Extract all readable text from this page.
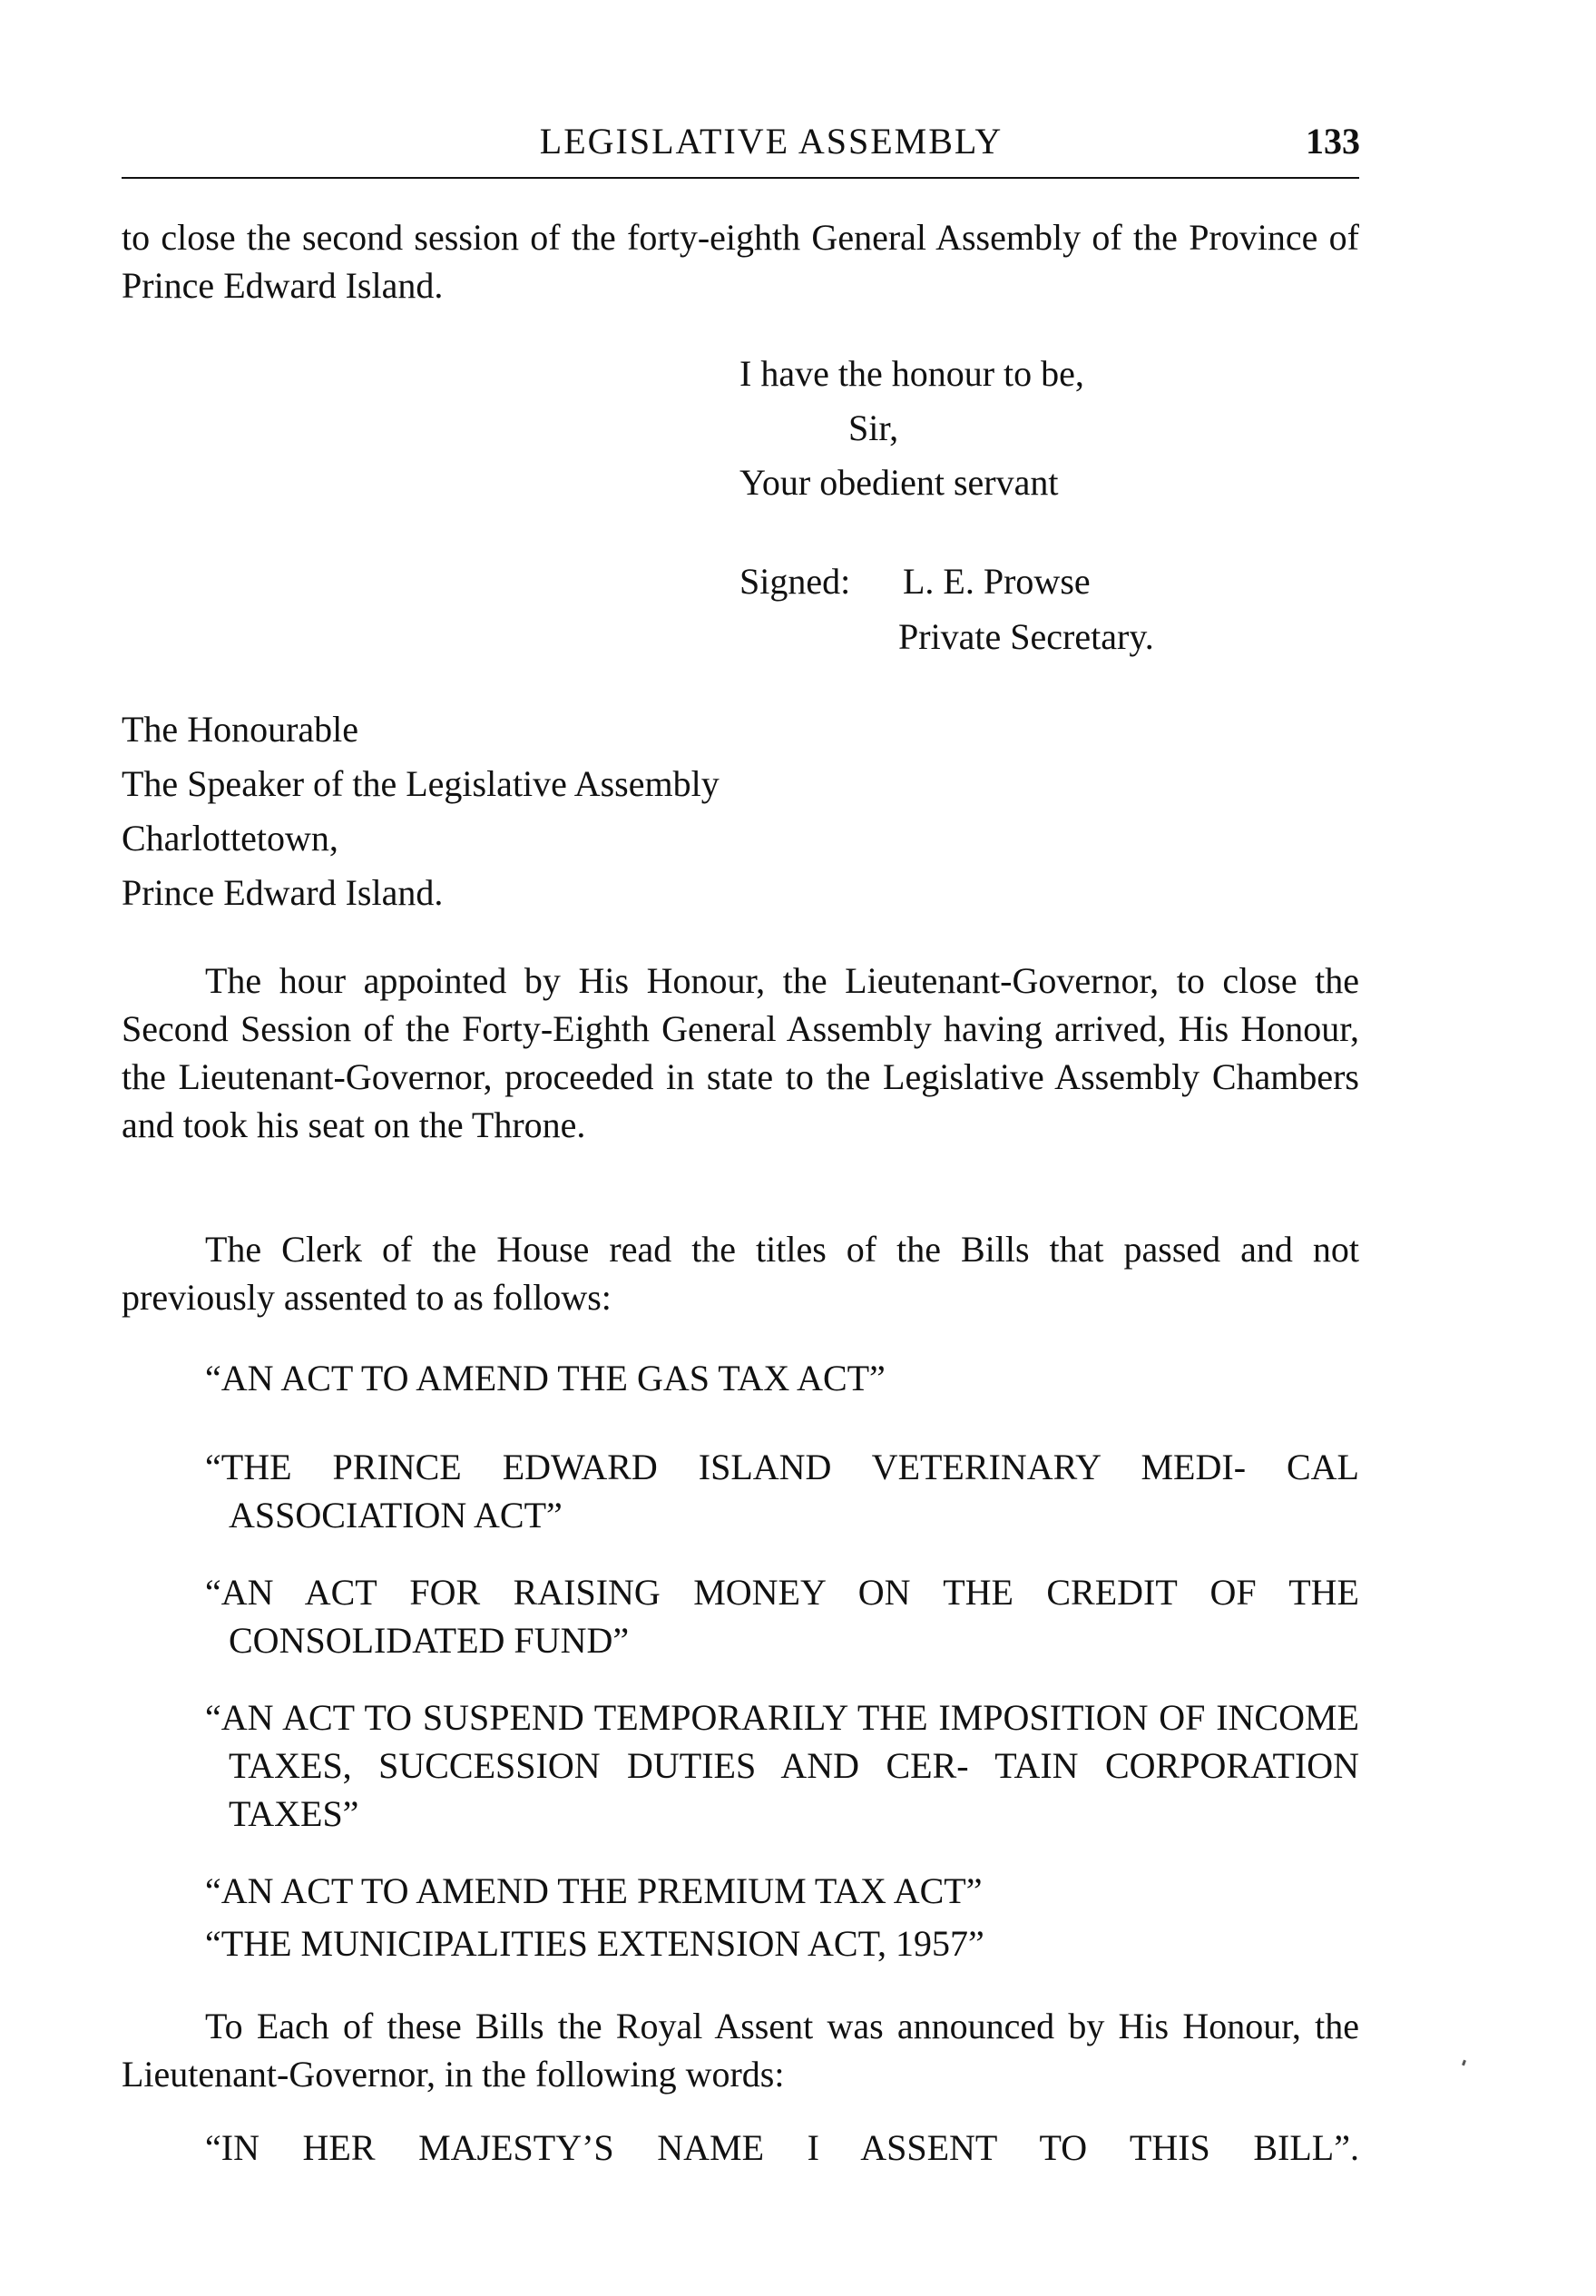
LEGISLATIVE ASSEMBLY	133

to close the second session of the forty-eighth General Assembly of the Province of Prince Edward Island.

I have the honour to be,
Sir,
Your obedient servant
Signed: L. E. Prowse
Private Secretary.
The Honourable
The Speaker of the Legislative Assembly
Charlottetown,
Prince Edward Island.

The hour appointed by His Honour, the Lieutenant-Governor, to close the Second Session of the Forty-Eighth General Assembly having arrived, His Honour, the Lieutenant-Governor, proceeded in state to the Legislative Assembly Chambers and took his seat on the Throne.

The Clerk of the House read the titles of the Bills that passed and not previously assented to as follows:

“AN ACT TO AMEND THE GAS TAX ACT”
“THE PRINCE EDWARD ISLAND VETERINARY MEDI- CAL ASSOCIATION ACT”
“AN ACT FOR RAISING MONEY ON THE CREDIT OF THE CONSOLIDATED FUND”
“AN ACT TO SUSPEND TEMPORARILY THE IMPOSITION OF INCOME TAXES, SUCCESSION DUTIES AND CER- TAIN CORPORATION TAXES”
“AN ACT TO AMEND THE PREMIUM TAX ACT”
“THE MUNICIPALITIES EXTENSION ACT, 1957”

To Each of these Bills the Royal Assent was announced by His Honour, the Lieutenant-Governor, in the following words:

“IN HER MAJESTY’S NAME I ASSENT TO THIS BILL”.
